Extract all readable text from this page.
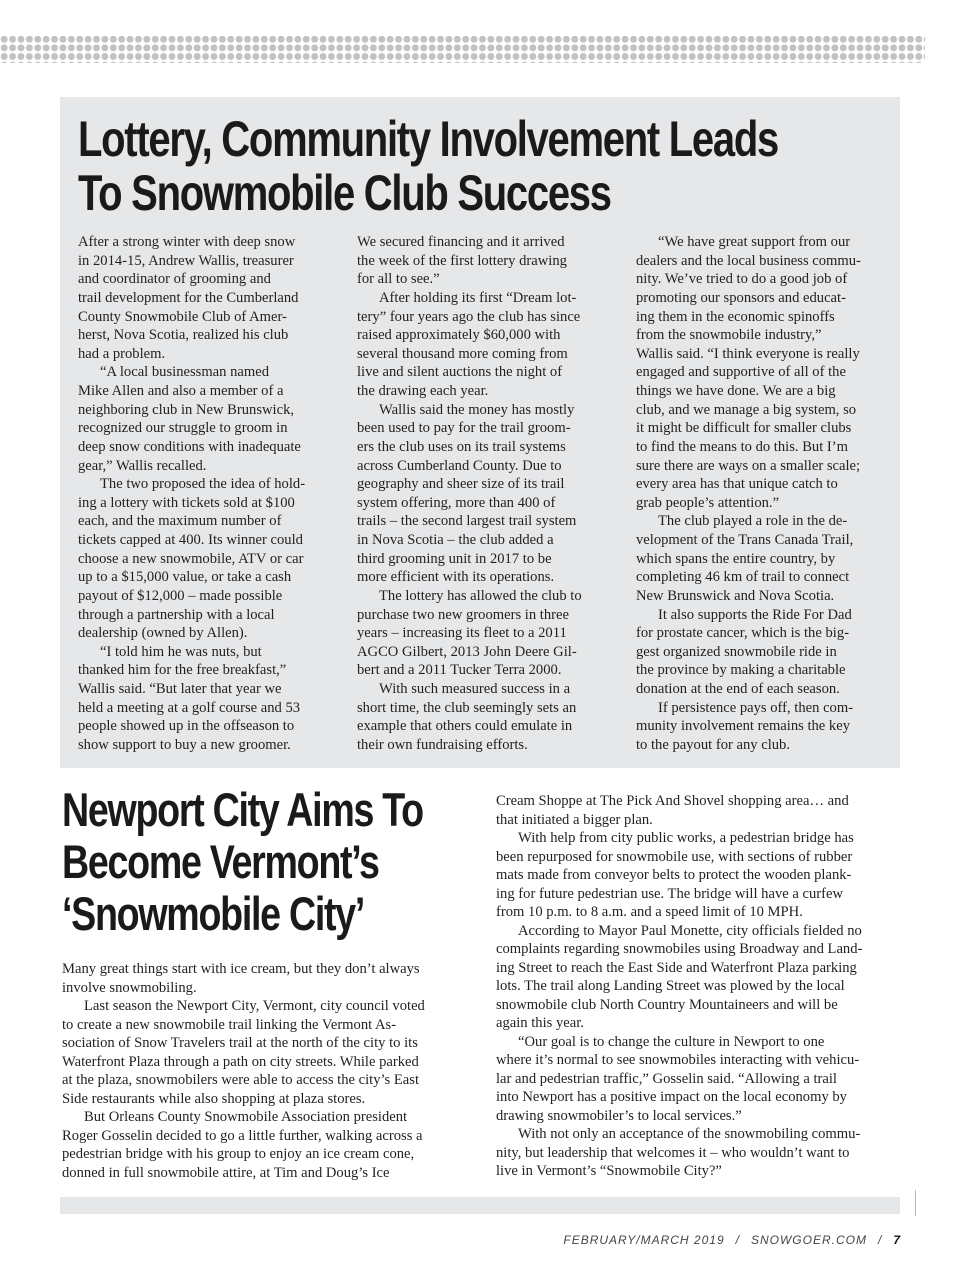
Lottery, Community Involvement Leads
To Snowmobile Club Success
After a strong winter with deep snow
in 2014-15, Andrew Wallis, treasurer
and coordinator of grooming and
trail development for the Cumberland
County Snowmobile Club of Amer-
herst, Nova Scotia, realized his club
had a problem.
“A local businessman named
Mike Allen and also a member of a
neighboring club in New Brunswick,
recognized our struggle to groom in
deep snow conditions with inadequate
gear,” Wallis recalled.
The two proposed the idea of hold-
ing a lottery with tickets sold at $100
each, and the maximum number of
tickets capped at 400. Its winner could
choose a new snowmobile, ATV or car
up to a $15,000 value, or take a cash
payout of $12,000 – made possible
through a partnership with a local
dealership (owned by Allen).
“I told him he was nuts, but
thanked him for the free breakfast,”
Wallis said. “But later that year we
held a meeting at a golf course and 53
people showed up in the offseason to
show support to buy a new groomer.
We secured financing and it arrived
the week of the first lottery drawing
for all to see.”
After holding its first “Dream lot-
tery” four years ago the club has since
raised approximately $60,000 with
several thousand more coming from
live and silent auctions the night of
the drawing each year.
Wallis said the money has mostly
been used to pay for the trail groom-
ers the club uses on its trail systems
across Cumberland County. Due to
geography and sheer size of its trail
system offering, more than 400 of
trails – the second largest trail system
in Nova Scotia – the club added a
third grooming unit in 2017 to be
more efficient with its operations.
The lottery has allowed the club to
purchase two new groomers in three
years – increasing its fleet to a 2011
AGCO Gilbert, 2013 John Deere Gil-
bert and a 2011 Tucker Terra 2000.
With such measured success in a
short time, the club seemingly sets an
example that others could emulate in
their own fundraising efforts.
“We have great support from our
dealers and the local business commu-
nity. We’ve tried to do a good job of
promoting our sponsors and educat-
ing them in the economic spinoffs
from the snowmobile industry,”
Wallis said. “I think everyone is really
engaged and supportive of all of the
things we have done. We are a big
club, and we manage a big system, so
it might be difficult for smaller clubs
to find the means to do this. But I’m
sure there are ways on a smaller scale;
every area has that unique catch to
grab people’s attention.”
The club played a role in the de-
velopment of the Trans Canada Trail,
which spans the entire country, by
completing 46 km of trail to connect
New Brunswick and Nova Scotia.
It also supports the Ride For Dad
for prostate cancer, which is the big-
gest organized snowmobile ride in
the province by making a charitable
donation at the end of each season.
If persistence pays off, then com-
munity involvement remains the key
to the payout for any club.
Newport City Aims To
Become Vermont’s
‘Snowmobile City’
Many great things start with ice cream, but they don’t always
involve snowmobiling.
Last season the Newport City, Vermont, city council voted
to create a new snowmobile trail linking the Vermont As-
sociation of Snow Travelers trail at the north of the city to its
Waterfront Plaza through a path on city streets. While parked
at the plaza, snowmobilers were able to access the city’s East
Side restaurants while also shopping at plaza stores.
But Orleans County Snowmobile Association president
Roger Gosselin decided to go a little further, walking across a
pedestrian bridge with his group to enjoy an ice cream cone,
donned in full snowmobile attire, at Tim and Doug’s Ice
Cream Shoppe at The Pick And Shovel shopping area… and
that initiated a bigger plan.
With help from city public works, a pedestrian bridge has
been repurposed for snowmobile use, with sections of rubber
mats made from conveyor belts to protect the wooden plank-
ing for future pedestrian use. The bridge will have a curfew
from 10 p.m. to 8 a.m. and a speed limit of 10 MPH.
According to Mayor Paul Monette, city officials fielded no
complaints regarding snowmobiles using Broadway and Land-
ing Street to reach the East Side and Waterfront Plaza parking
lots. The trail along Landing Street was plowed by the local
snowmobile club North Country Mountaineers and will be
again this year.
“Our goal is to change the culture in Newport to one
where it’s normal to see snowmobiles interacting with vehicu-
lar and pedestrian traffic,” Gosselin said. “Allowing a trail
into Newport has a positive impact on the local economy by
drawing snowmobiler’s to local services.”
With not only an acceptance of the snowmobiling commu-
nity, but leadership that welcomes it – who wouldn’t want to
live in Vermont’s “Snowmobile City?”
FEBRUARY/MARCH 2019 / SNOWGOER.COM / 7
